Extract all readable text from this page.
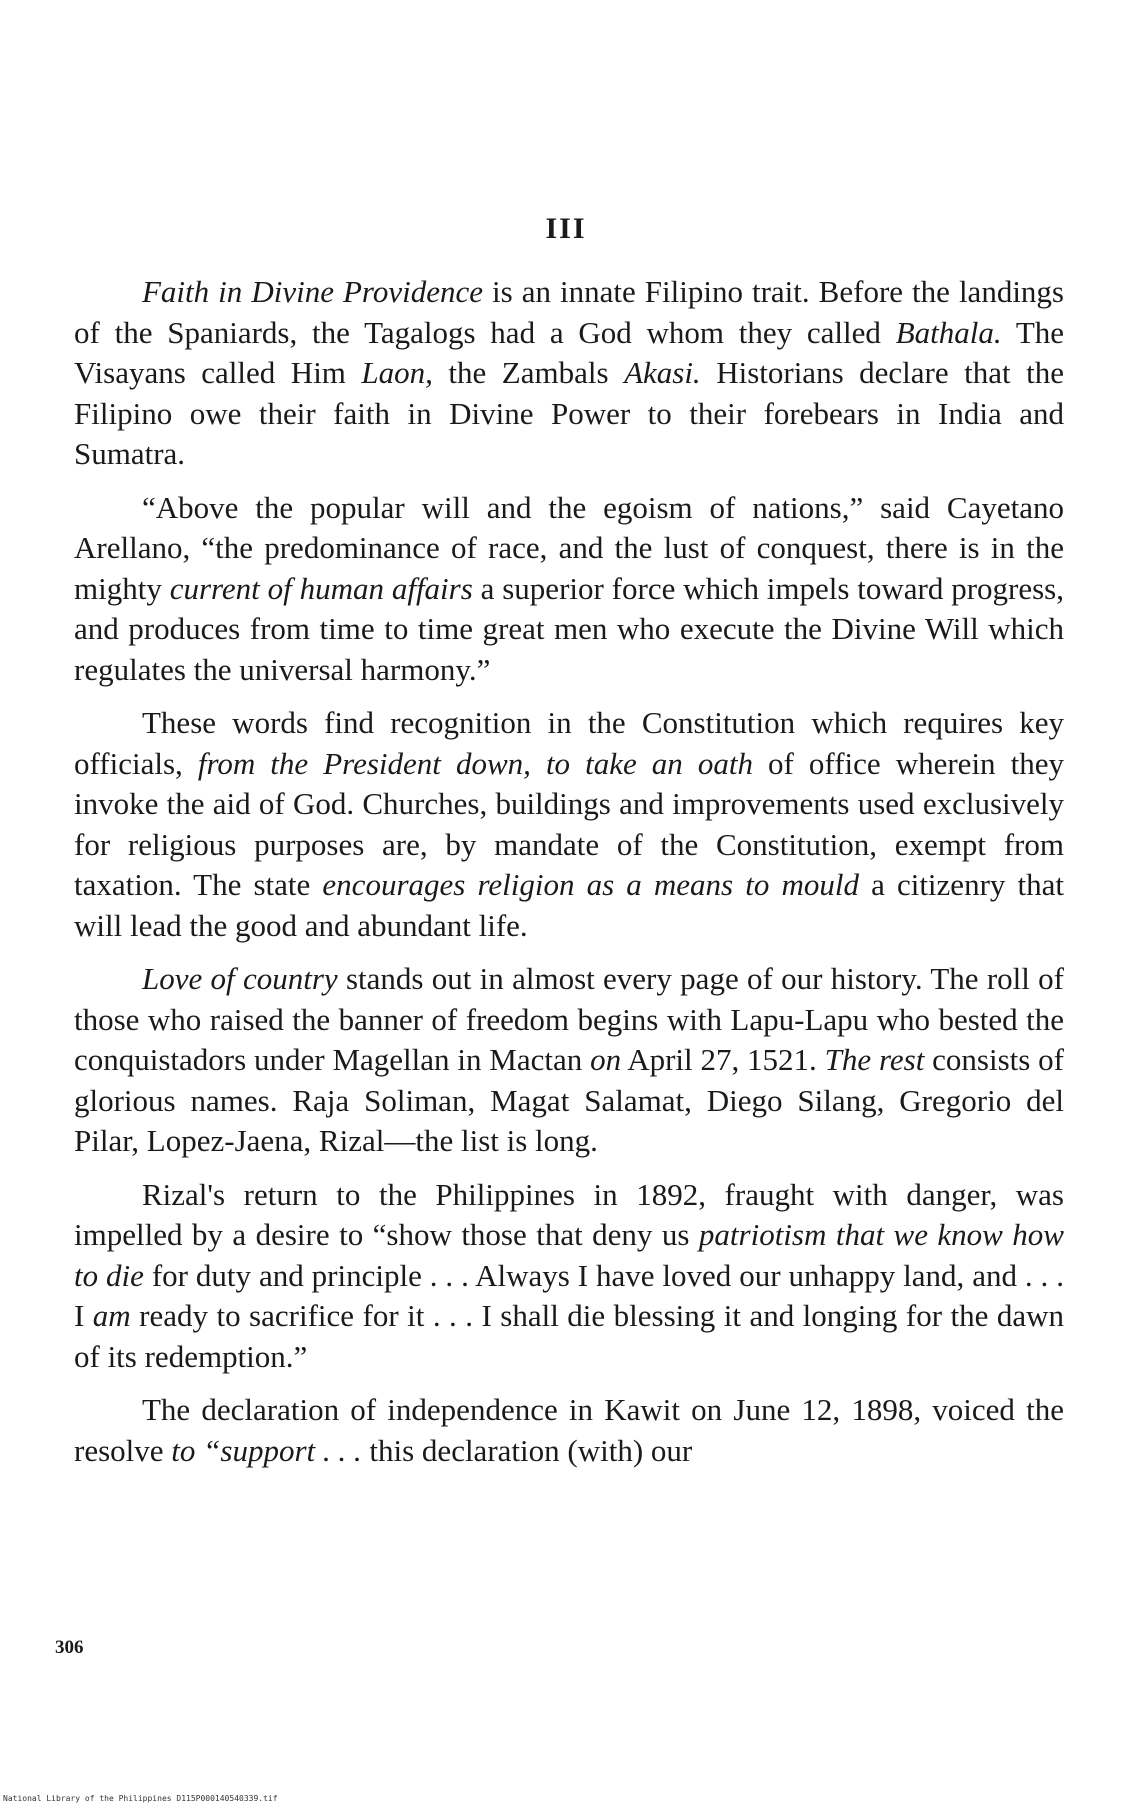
III

Faith in Divine Providence is an innate Filipino trait. Before the landings of the Spaniards, the Tagalogs had a God whom they called Bathala. The Visayans called Him Laon, the Zambals Akasi. Historians declare that the Filipino owe their faith in Divine Power to their forebears in India and Sumatra.

“Above the popular will and the egoism of nations,” said Cayetano Arellano, “the predominance of race, and the lust of conquest, there is in the mighty current of human affairs a superior force which impels toward progress, and produces from time to time great men who execute the Divine Will which regulates the universal harmony.”

These words find recognition in the Constitution which requires key officials, from the President down, to take an oath of office wherein they invoke the aid of God. Churches, buildings and improvements used exclusively for religious purposes are, by mandate of the Constitution, exempt from taxation. The state encourages religion as a means to mould a citizenry that will lead the good and abundant life.

Love of country stands out in almost every page of our history. The roll of those who raised the banner of freedom begins with Lapu-Lapu who bested the conquistadors under Magellan in Mactan on April 27, 1521. The rest consists of glorious names. Raja Soliman, Magat Salamat, Diego Silang, Gregorio del Pilar, Lopez-Jaena, Rizal—the list is long.

Rizal's return to the Philippines in 1892, fraught with danger, was impelled by a desire to “show those that deny us patriotism that we know how to die for duty and principle . . . Always I have loved our unhappy land, and . . . I am ready to sacrifice for it . . . I shall die blessing it and longing for the dawn of its redemption.”

The declaration of independence in Kawit on June 12, 1898, voiced the resolve to “support . . . this declaration (with) our

306
National Library of the Philippines D115P000140540339.tif
